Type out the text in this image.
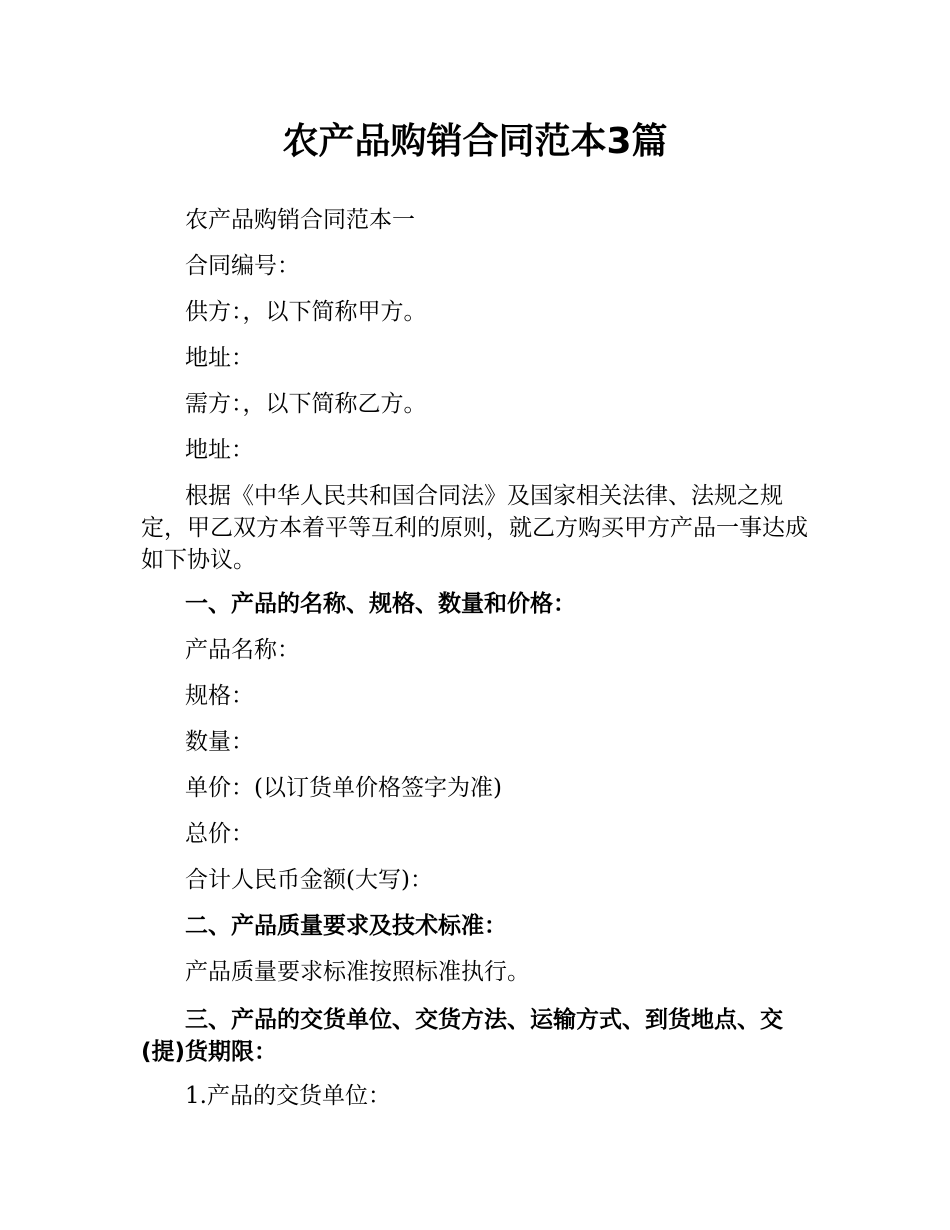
农产品购销合同范本3篇
农产品购销合同范本一
合同编号：
供方：，以下简称甲方。
地址：
需方：，以下简称乙方。
地址：
根据《中华人民共和国合同法》及国家相关法律、法规之规定，甲乙双方本着平等互利的原则，就乙方购买甲方产品一事达成如下协议。
一、产品的名称、规格、数量和价格：
产品名称：
规格：
数量：
单价：(以订货单价格签字为准)
总价：
合计人民币金额(大写)：
二、产品质量要求及技术标准：
产品质量要求标准按照标准执行。
三、产品的交货单位、交货方法、运输方式、到货地点、交(提)货期限：
1.产品的交货单位：
